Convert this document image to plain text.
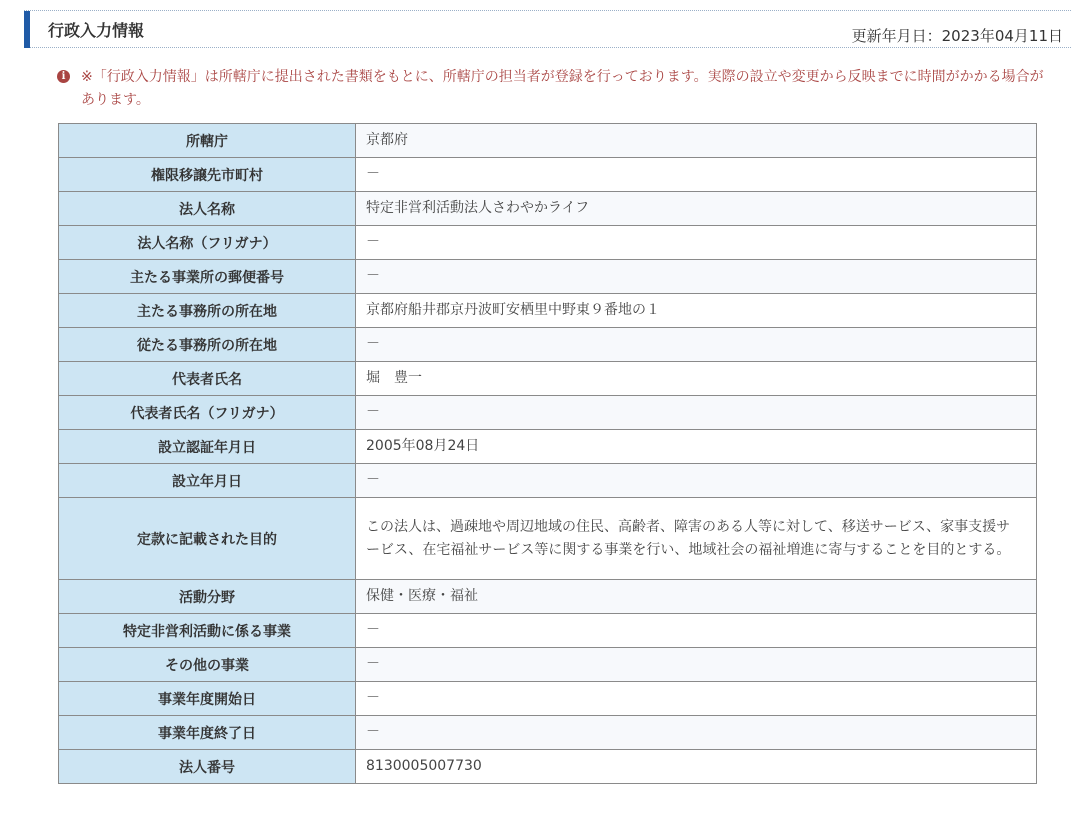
行政入力情報	更新年月日：2023年04月11日
i	※「行政入力情報」は所轄庁に提出された書類をもとに、所轄庁の担当者が登録を行っております。実際の設立や変更から反映までに時間がかかる場合があります。
所轄庁	京都府
権限移譲先市町村	－
法人名称	特定非営利活動法人さわやかライフ
法人名称（フリガナ）	－
主たる事業所の郵便番号	－
主たる事務所の所在地	京都府船井郡京丹波町安栖里中野東９番地の１
従たる事務所の所在地	－
代表者氏名	堀　豊一
代表者氏名（フリガナ）	－
設立認証年月日	2005年08月24日
設立年月日	－
定款に記載された目的	この法人は、過疎地や周辺地域の住民、高齢者、障害のある人等に対して、移送サービス、家事支援サービス、在宅福祉サービス等に関する事業を行い、地域社会の福祉増進に寄与することを目的とする。
活動分野	保健・医療・福祉
特定非営利活動に係る事業	－
その他の事業	－
事業年度開始日	－
事業年度終了日	－
法人番号	8130005007730
